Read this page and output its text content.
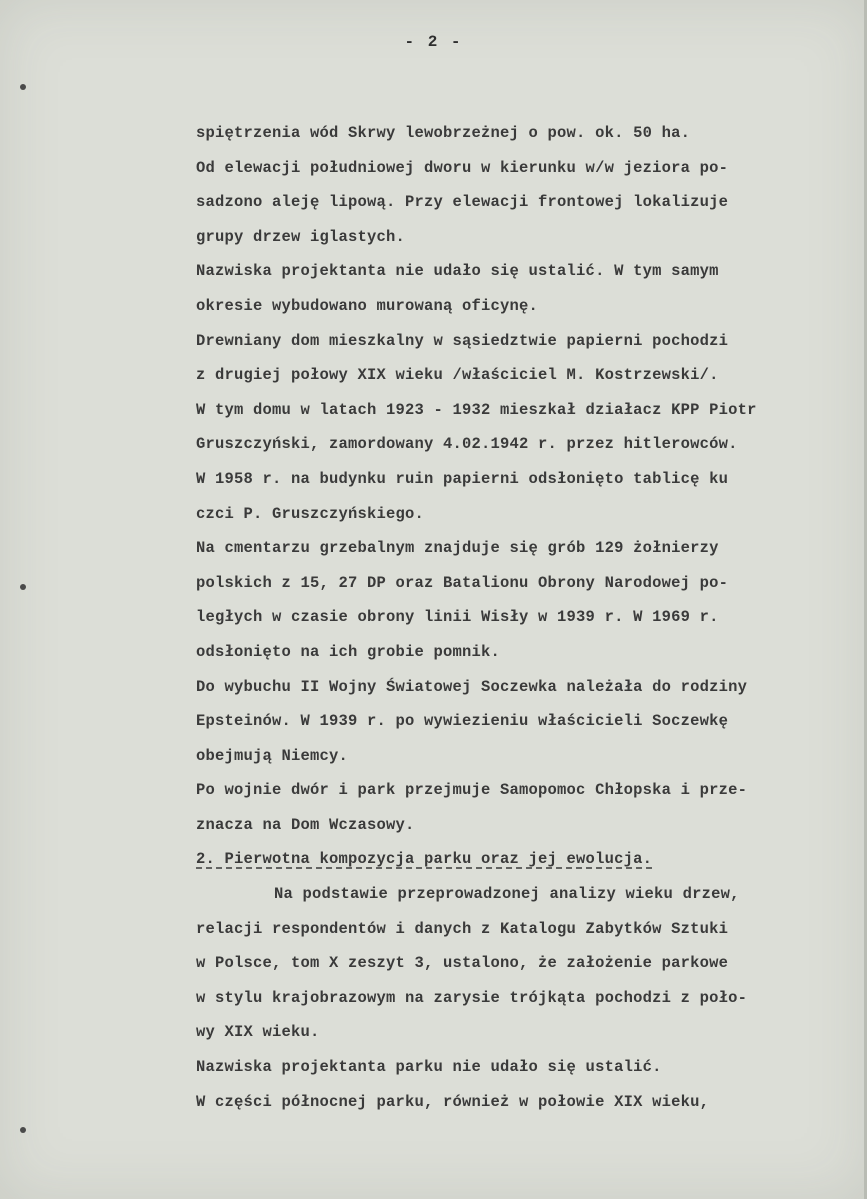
- 2 -
spiętrzenia wód Skrwy lewobrzeżnej o pow. ok. 50 ha.
Od elewacji południowej dworu w kierunku w/w jeziora po-
sadzono aleję lipową. Przy elewacji frontowej lokalizuje
grupy drzew iglastych.
Nazwiska projektanta nie udało się ustalić. W tym samym
okresie wybudowano murowaną oficynę.
Drewniany dom mieszkalny w sąsiedztwie papierni pochodzi
z drugiej połowy XIX wieku /właściciel M. Kostrzewski/.
W tym domu w latach 1923 - 1932 mieszkał działacz KPP Piotr
Gruszczyński, zamordowany 4.02.1942 r. przez hitlerowców.
W 1958 r. na budynku ruin papierni odsłonięto tablicę ku
czci P. Gruszczyńskiego.
Na cmentarzu grzebalnym znajduje się grób 129 żołnierzy
polskich z 15, 27 DP oraz Batalionu Obrony Narodowej po-
ległych w czasie obrony linii Wisły w 1939 r. W 1969 r.
odsłonięto na ich grobie pomnik.
Do wybuchu II Wojny Światowej Soczewka należała do rodziny
Epsteinów. W 1939 r. po wywiezieniu właścicieli Soczewkę
obejmują Niemcy.
Po wojnie dwór i park przejmuje Samopomoc Chłopska i prze-
znacza na Dom Wczasowy.
2. Pierwotna kompozycja parku oraz jej ewolucja.
Na podstawie przeprowadzonej analizy wieku drzew,
relacji respondentów i danych z Katalogu Zabytków Sztuki
w Polsce, tom X zeszyt 3, ustalono, że założenie parkowe
w stylu krajobrazowym na zarysie trójkąta pochodzi z poło-
wy XIX wieku.
Nazwiska projektanta parku nie udało się ustalić.
W części północnej parku, również w połowie XIX wieku,
